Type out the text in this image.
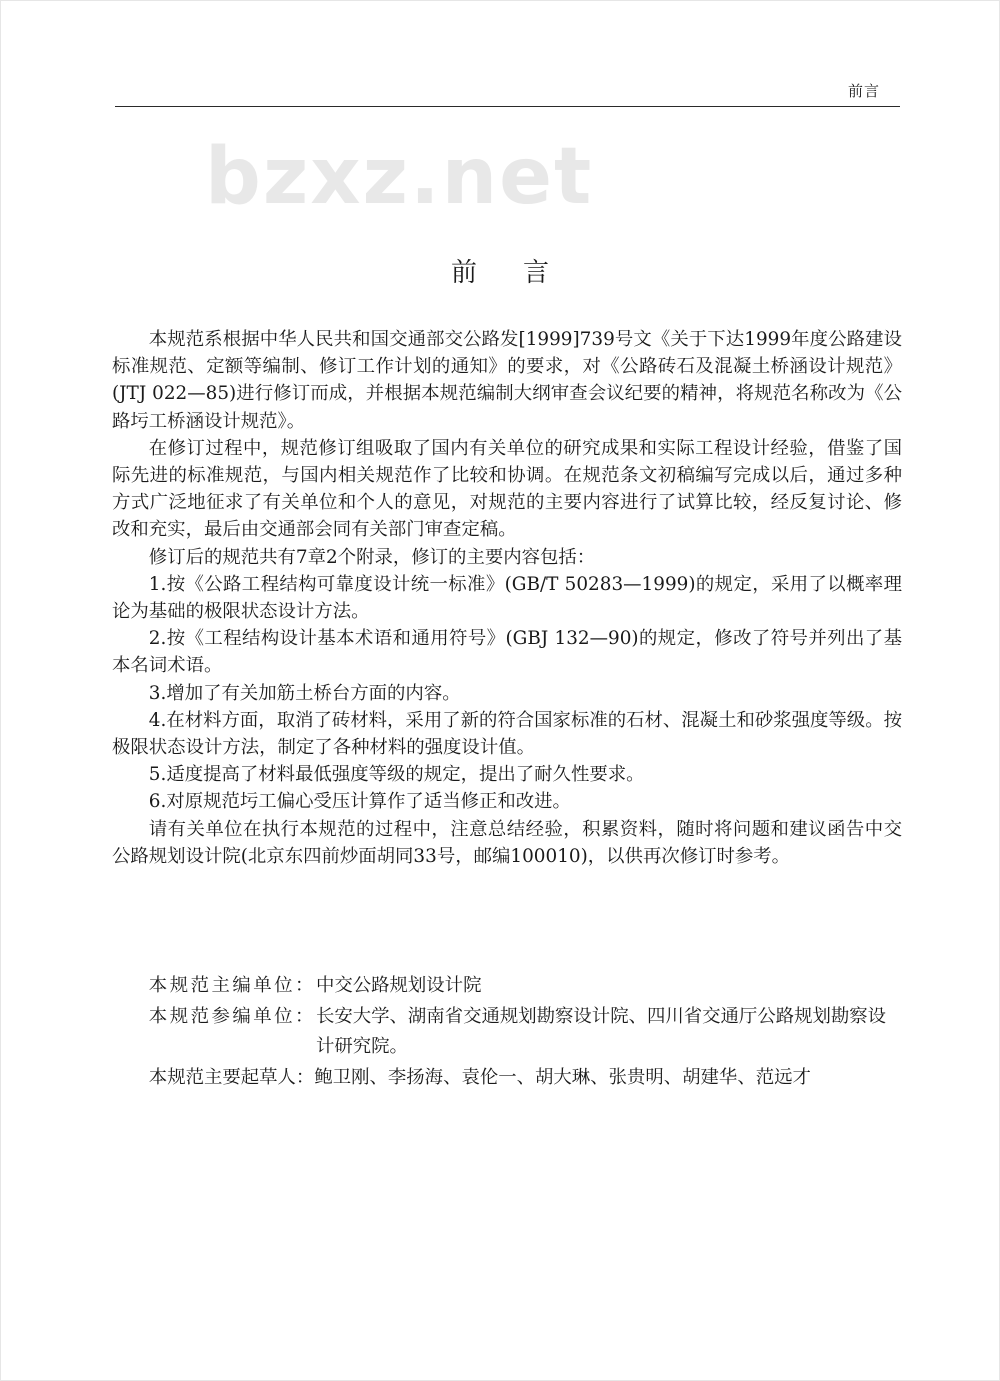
前言
bzxz.net
前言

本规范系根据中华人民共和国交通部交公路发[1999]739号文《关于下达1999年度公路建设标准规范、定额等编制、修订工作计划的通知》的要求，对《公路砖石及混凝土桥涵设计规范》(JTJ 022—85)进行修订而成，并根据本规范编制大纲审查会议纪要的精神，将规范名称改为《公路圬工桥涵设计规范》。

在修订过程中，规范修订组吸取了国内有关单位的研究成果和实际工程设计经验，借鉴了国际先进的标准规范，与国内相关规范作了比较和协调。在规范条文初稿编写完成以后，通过多种方式广泛地征求了有关单位和个人的意见，对规范的主要内容进行了试算比较，经反复讨论、修改和充实，最后由交通部会同有关部门审查定稿。

修订后的规范共有7章2个附录，修订的主要内容包括：

1.按《公路工程结构可靠度设计统一标准》(GB/T 50283—1999)的规定，采用了以概率理论为基础的极限状态设计方法。

2.按《工程结构设计基本术语和通用符号》(GBJ 132—90)的规定，修改了符号并列出了基本名词术语。

3.增加了有关加筋土桥台方面的内容。

4.在材料方面，取消了砖材料，采用了新的符合国家标准的石材、混凝土和砂浆强度等级。按极限状态设计方法，制定了各种材料的强度设计值。

5.适度提高了材料最低强度等级的规定，提出了耐久性要求。

6.对原规范圬工偏心受压计算作了适当修正和改进。

请有关单位在执行本规范的过程中，注意总结经验，积累资料，随时将问题和建议函告中交公路规划设计院(北京东四前炒面胡同33号，邮编100010)，以供再次修订时参考。

本规范主编单位： 中交公路规划设计院
本规范参编单位： 长安大学、湖南省交通规划勘察设计院、四川省交通厅公路规划勘察设计研究院。
本规范主要起草人： 鲍卫刚、李扬海、袁伦一、胡大琳、张贵明、胡建华、范远才
